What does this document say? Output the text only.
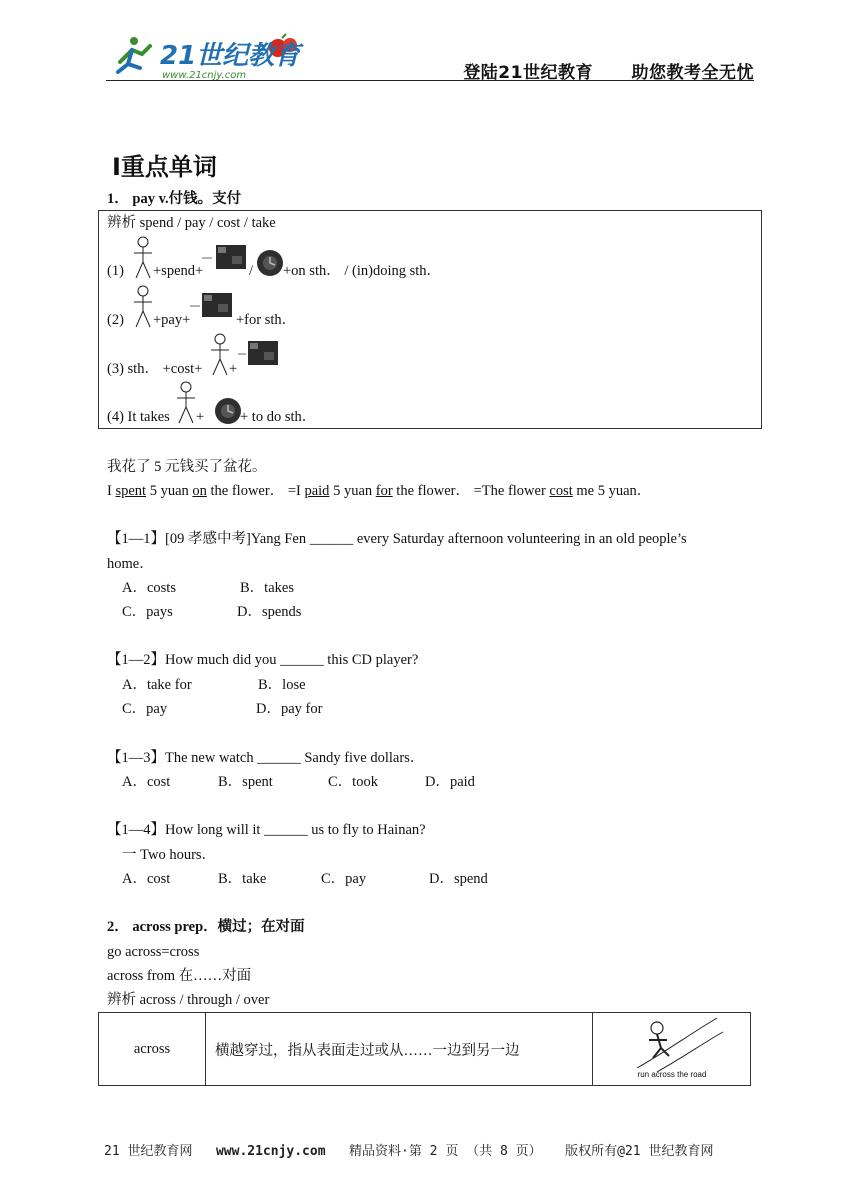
21世纪教育
www.21cnjy.com	登陆21世纪教育 助您教考全无忧
Ⅰ重点单词
1． pay v.付钱。支付
辨析 spend / pay / cost / take
(1) +spend+	/ +on sth． / (in)doing sth．
(2) +pay+	+for sth．
(3) sth． +cost+ +
(4) It takes + + to do sth．
我花了 5 元钱买了盆花。
I spent 5 yuan on the flower． =I paid 5 yuan for the flower． =The flower cost me 5 yuan．
【1—1】[09 孝感中考]Yang Fen ______ every Saturday afternoon volunteering in an old people’s
home．
A．costs	B．takes
C．pays	D．spends
【1—2】How much did you ______ this CD player?
A．take for	B．lose
C．pay	D．pay for
【1—3】The new watch ______ Sandy five dollars．
A．cost	B．spent	C．took	D．paid
【1—4】How long will it ______ us to fly to Hainan?
一 Two hours．
A．cost	B．take	C．pay	D．spend
2． across prep．横过；在对面
go across=cross
across from 在……对面
辨析 across / through / over
across	横越穿过，指从表面走过或从……一边到另一边	
run across the road
21 世纪教育网 www.21cnjy.com 精品资料·第 2 页 （共 8 页） 版权所有@21 世纪教育网
